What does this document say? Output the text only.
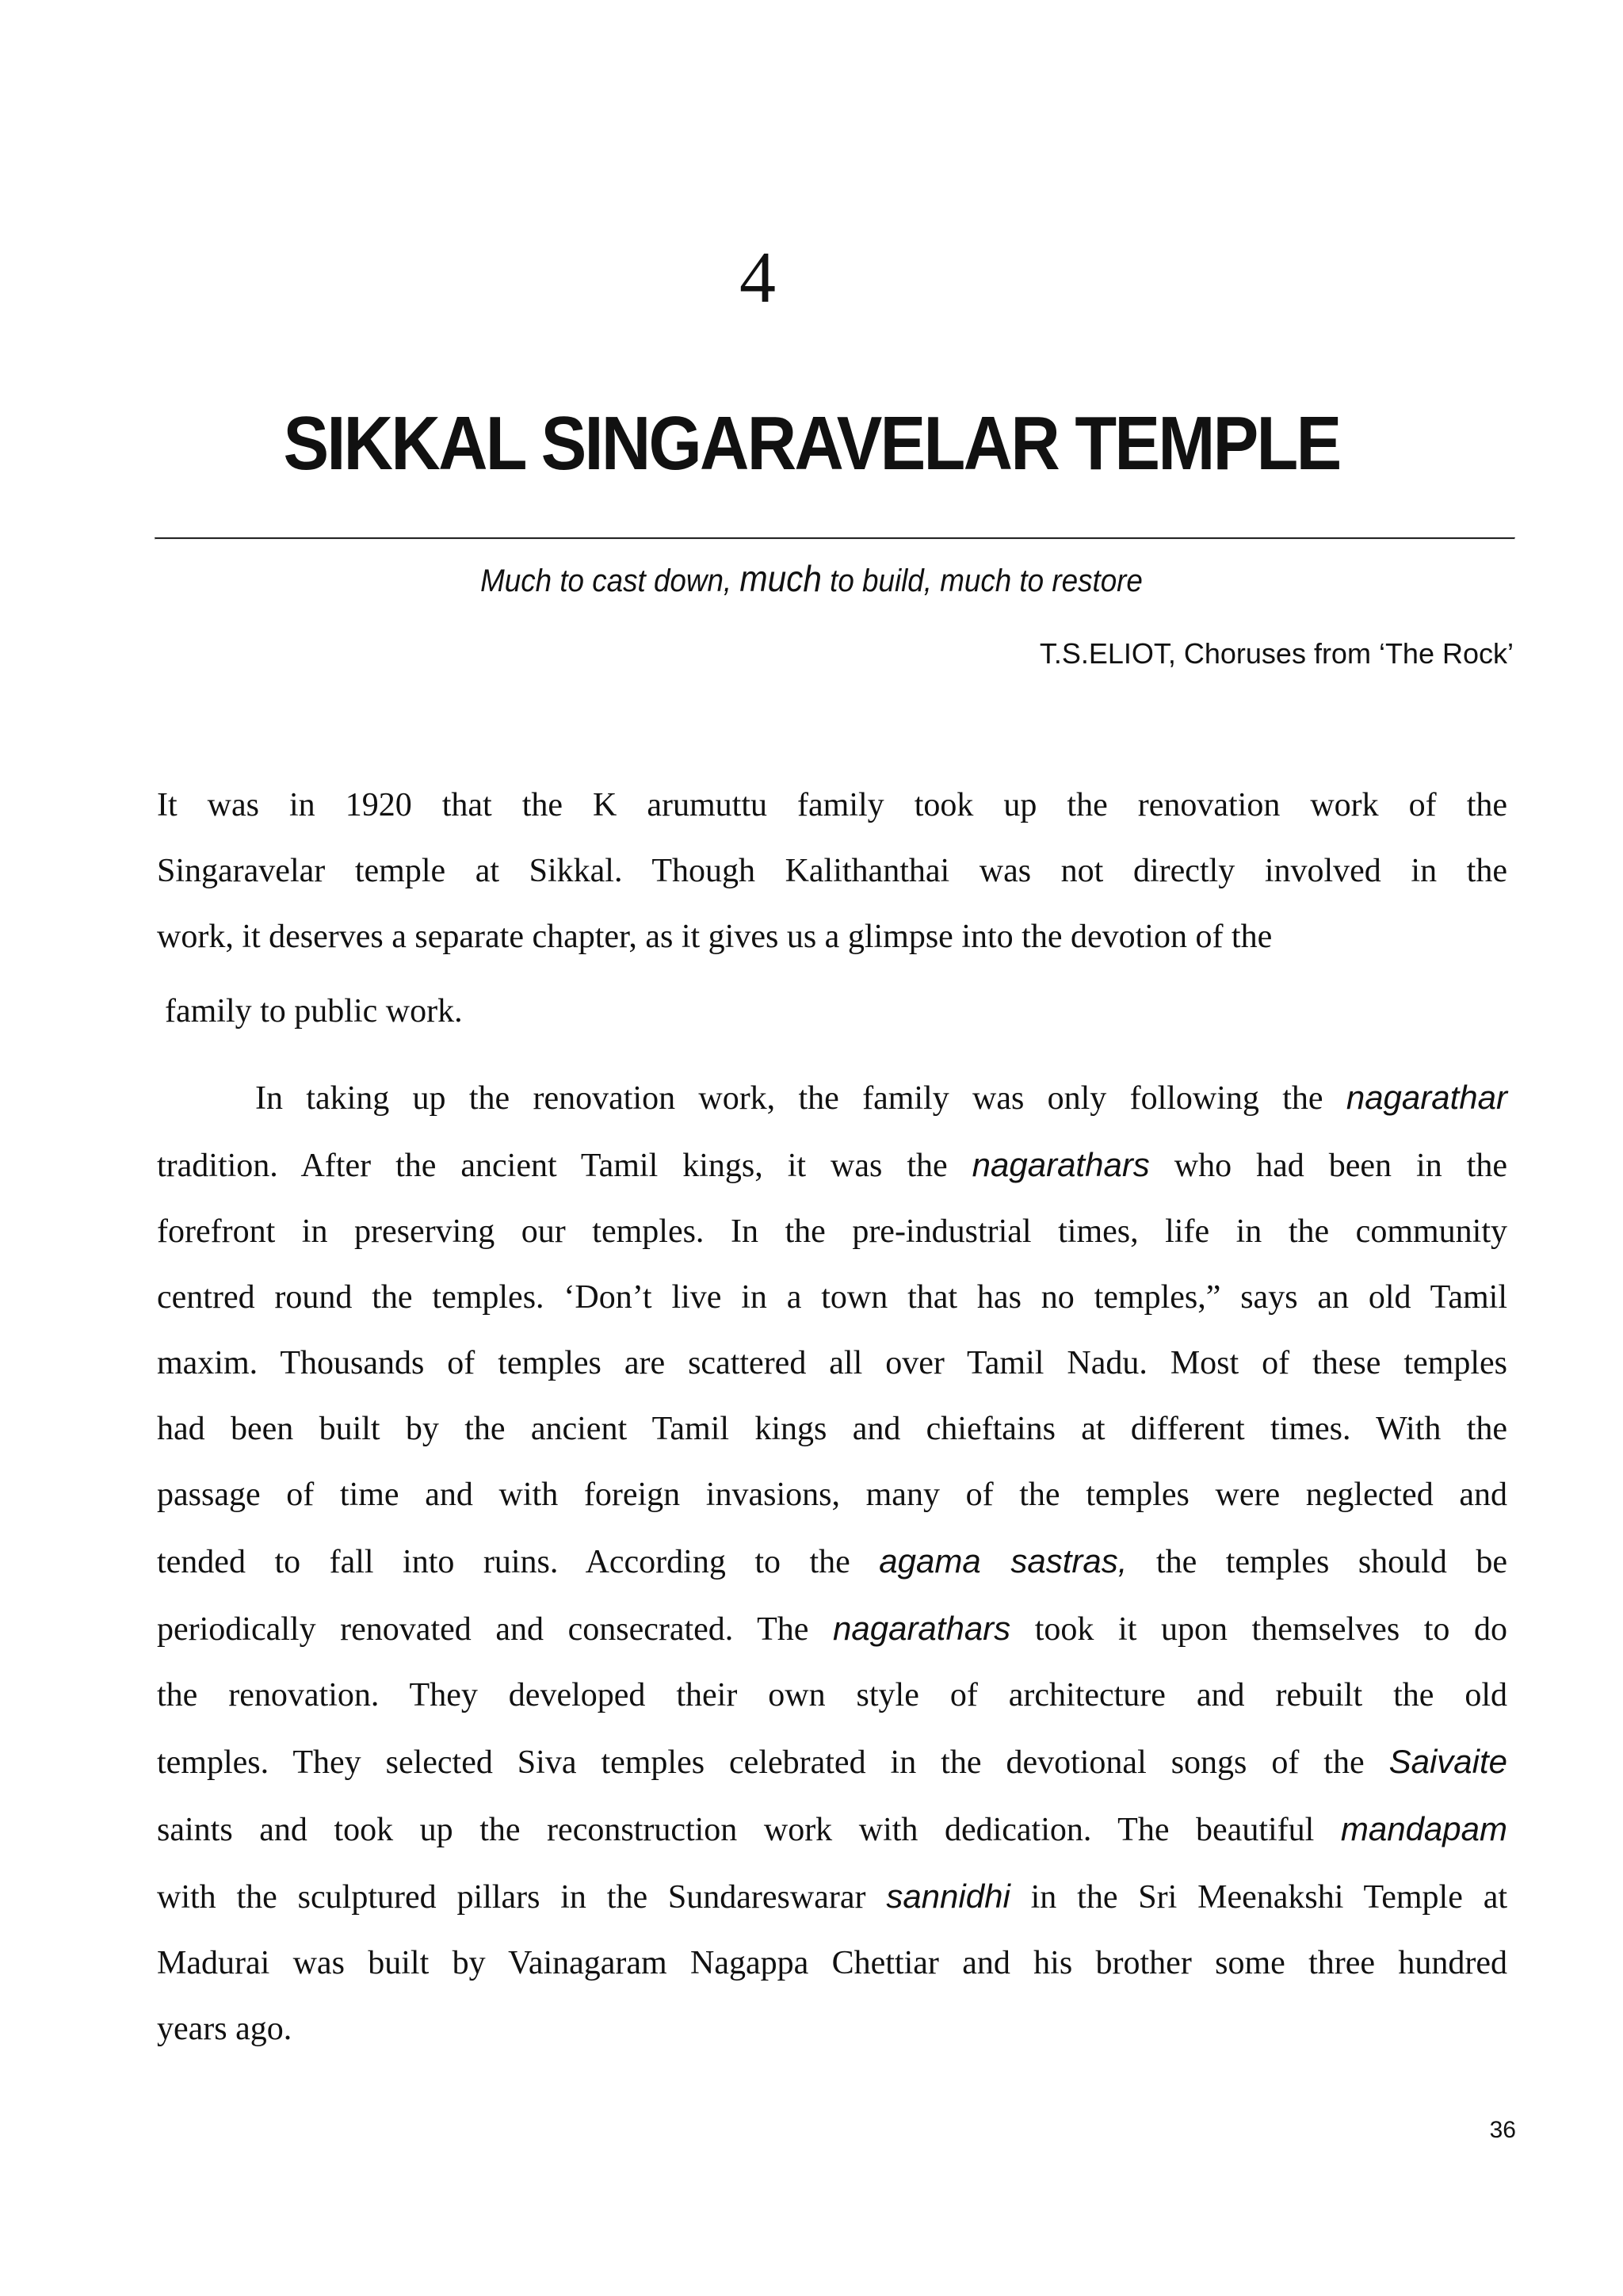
4
SIKKAL SINGARAVELAR TEMPLE

Much to cast down, much to build, much to restore

T.S.ELIOT, Choruses from ‘The Rock’

It was in 1920 that the K arumuttu family took up the renovation work of the
Singaravelar temple at Sikkal. Though Kalithanthai was not directly involved in the
work, it deserves a separate chapter, as it gives us a glimpse into the devotion of the
family to public work.
In taking up the renovation work, the family was only following the nagarathar
tradition. After the ancient Tamil kings, it was the nagarathars who had been in the
forefront in preserving our temples. In the pre-industrial times, life in the community
centred round the temples. ‘Don’t live in a town that has no temples,” says an old Tamil
maxim. Thousands of temples are scattered all over Tamil Nadu. Most of these temples
had been built by the ancient Tamil kings and chieftains at different times. With the
passage of time and with foreign invasions, many of the temples were neglected and
tended to fall into ruins. According to the agama sastras, the temples should be
periodically renovated and consecrated. The nagarathars took it upon themselves to do
the renovation. They developed their own style of architecture and rebuilt the old
temples. They selected Siva temples celebrated in the devotional songs of the Saivaite
saints and took up the reconstruction work with dedication. The beautiful mandapam
with the sculptured pillars in the Sundareswarar sannidhi in the Sri Meenakshi Temple at
Madurai was built by Vainagaram Nagappa Chettiar and his brother some three hundred
years ago.

36
